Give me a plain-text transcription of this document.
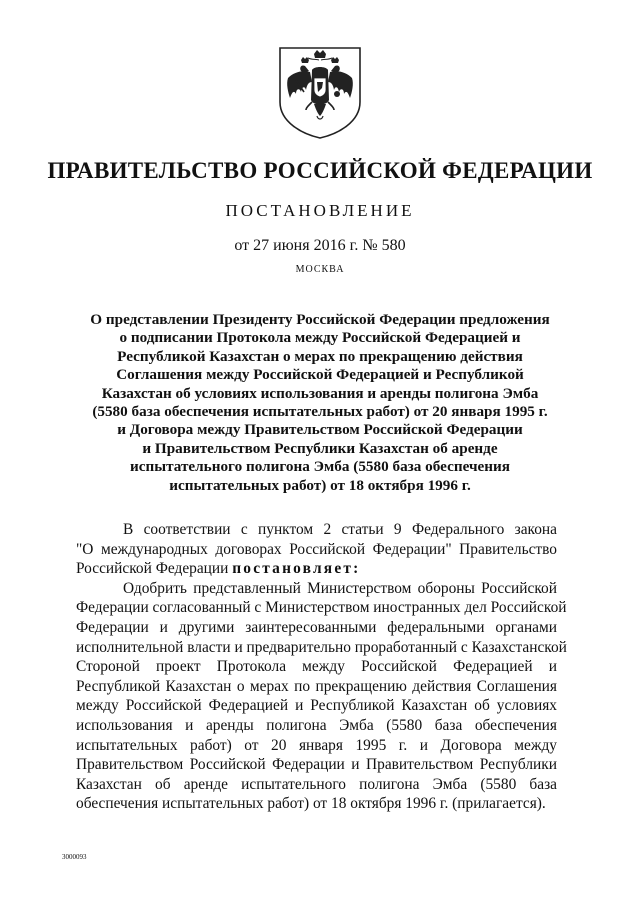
ПРАВИТЕЛЬСТВО РОССИЙСКОЙ ФЕДЕРАЦИИ

ПОСТАНОВЛЕНИЕ

от 27 июня 2016 г. № 580

МОСКВА

О представлении Президенту Российской Федерации предложения
о подписании Протокола между Российской Федерацией и
Республикой Казахстан о мерах по прекращению действия
Соглашения между Российской Федерацией и Республикой
Казахстан об условиях использования и аренды полигона Эмба
(5580 база обеспечения испытательных работ) от 20 января 1995 г.
и Договора между Правительством Российской Федерации
и Правительством Республики Казахстан об аренде
испытательного полигона Эмба (5580 база обеспечения
испытательных работ) от 18 октября 1996 г.
В соответствии с пунктом 2 статьи 9 Федерального закона
"О международных договорах Российской Федерации" Правительство
Российской Федерации постановляет:
Одобрить представленный Министерством обороны Российской
Федерации согласованный с Министерством иностранных дел Российской
Федерации и другими заинтересованными федеральными органами
исполнительной власти и предварительно проработанный с Казахстанской
Стороной проект Протокола между Российской Федерацией и
Республикой Казахстан о мерах по прекращению действия Соглашения
между Российской Федерацией и Республикой Казахстан об условиях
использования и аренды полигона Эмба (5580 база обеспечения
испытательных работ) от 20 января 1995 г. и Договора между
Правительством Российской Федерации и Правительством Республики
Казахстан об аренде испытательного полигона Эмба (5580 база
обеспечения испытательных работ) от 18 октября 1996 г. (прилагается).

3000093
